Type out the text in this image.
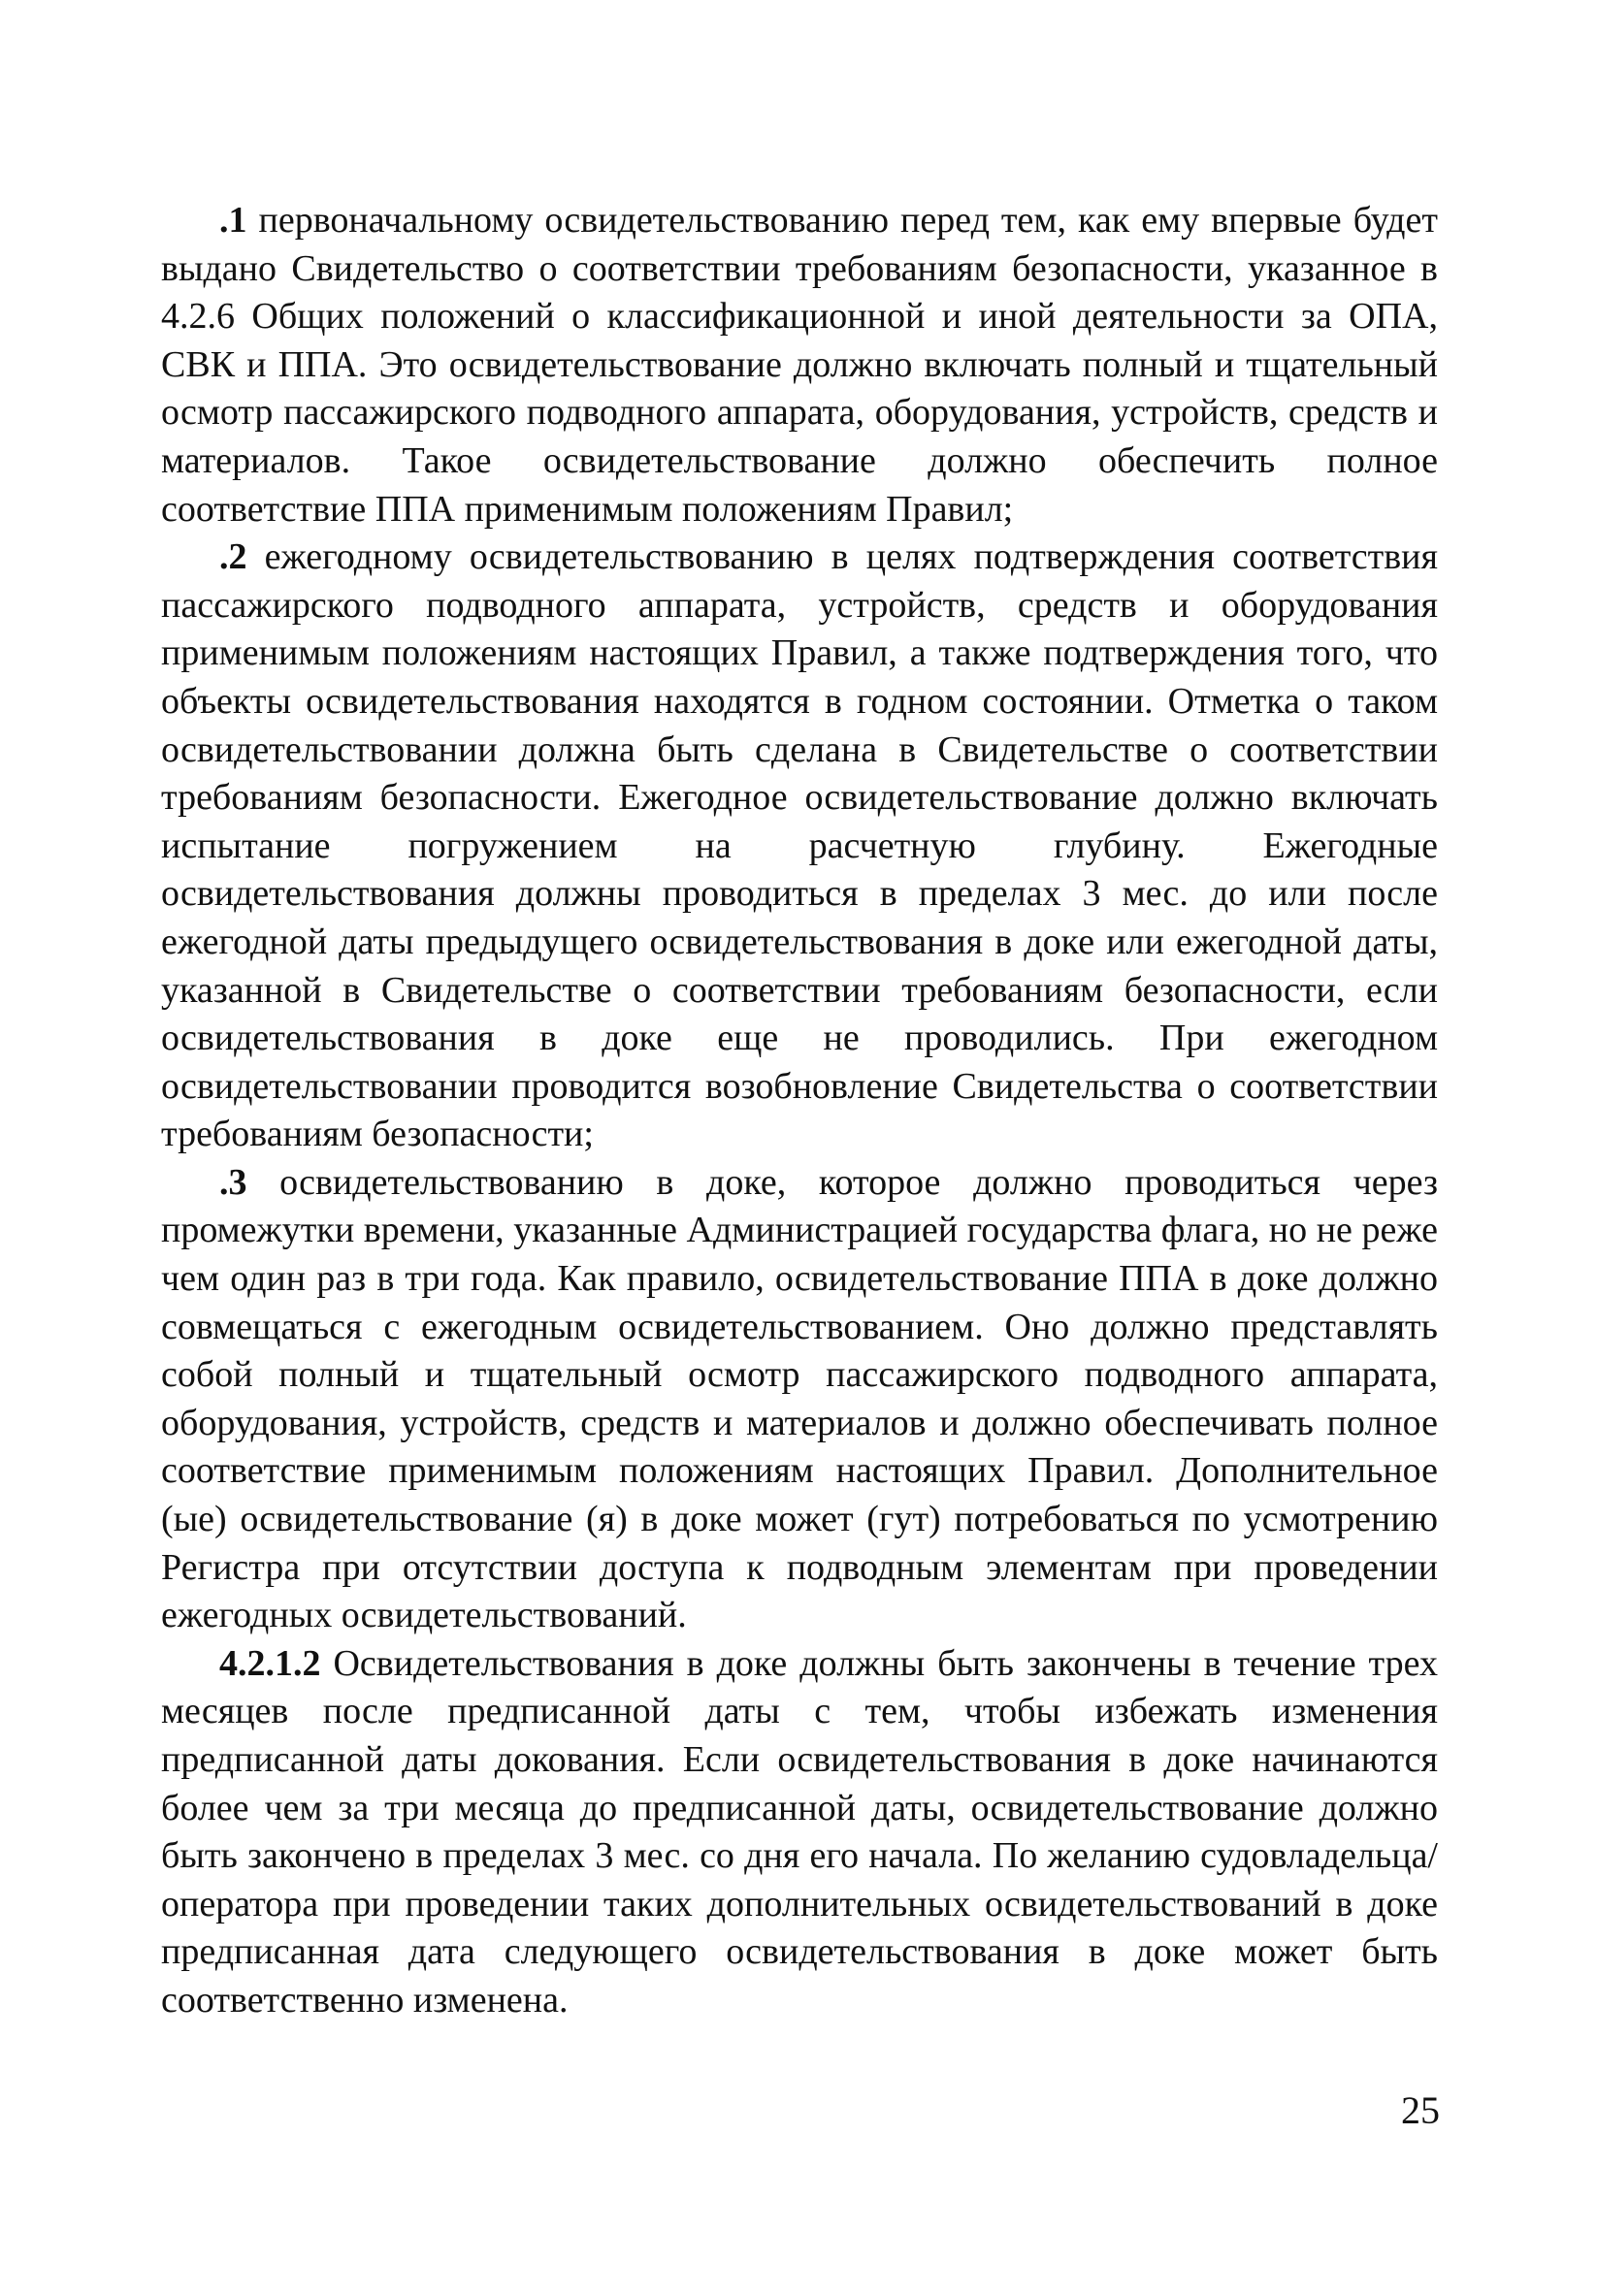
.1 первоначальному освидетельствованию перед тем, как ему впервые будет выдано Свидетельство о соответствии требованиям безопасности, указанное в 4.2.6 Общих положений о классификационной и иной деятельности за ОПА, СВК и ППА. Это освидетельствование должно включать полный и тщательный осмотр пассажирского подводного аппарата, оборудования, устройств, средств и материалов. Такое освидетельствование должно обеспечить полное соответствие ППА применимым положениям Правил;

.2 ежегодному освидетельствованию в целях подтверждения соответствия пассажирского подводного аппарата, устройств, средств и оборудования применимым положениям настоящих Правил, а также подтверждения того, что объекты освидетельствования находятся в годном состоянии. Отметка о таком освидетельствовании должна быть сделана в Свидетельстве о соответствии требованиям безопасности. Ежегодное освидетельствование должно включать испытание погружением на расчетную глубину. Ежегодные освидетельствования должны проводиться в пределах 3 мес. до или после ежегодной даты предыдущего освидетельствования в доке или ежегодной даты, указанной в Свидетельстве о соответствии требованиям безопасности, если освидетельствования в доке еще не проводились. При ежегодном освидетельствовании проводится возобновление Свидетельства о соответствии требованиям безопасности;

.3 освидетельствованию в доке, которое должно проводиться через промежутки времени, указанные Администрацией государства флага, но не реже чем один раз в три года. Как правило, освидетельствование ППА в доке должно совмещаться с ежегодным освидетельствованием. Оно должно представлять собой полный и тщательный осмотр пассажирского подводного аппарата, оборудования, устройств, средств и материалов и должно обеспечивать полное соответствие применимым положениям настоящих Правил. Дополнительное (ые) освидетельствование (я) в доке может (гут) потребоваться по усмотрению Регистра при отсутствии доступа к подводным элементам при проведении ежегодных освидетельствований.

4.2.1.2 Освидетельствования в доке должны быть закончены в течение трех месяцев после предписанной даты с тем, чтобы избежать изменения предписанной даты докования. Если освидетельствования в доке начинаются более чем за три месяца до предписанной даты, освидетельствование должно быть закончено в пределах 3 мес. со дня его начала. По желанию судовладельца/оператора при проведении таких дополнительных освидетельствований в доке предписанная дата следующего освидетельствования в доке может быть соответственно изменена.

25
